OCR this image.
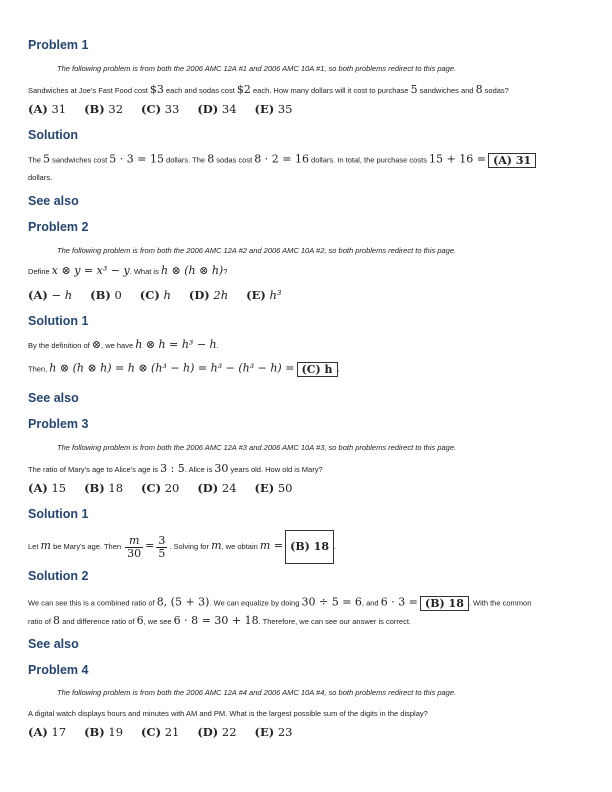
Problem 1

The following problem is from both the 2006 AMC 12A #1 and 2006 AMC 10A #1, so both problems redirect to this page.

Sandwiches at Joe's Fast Food cost $3 each and sodas cost $2 each. How many dollars will it cost to purchase 5 sandwiches and 8 sodas?

(A) 31 (B) 32 (C) 33 (D) 34 (E) 35

Solution

The 5 sandwiches cost 5 · 3 = 15 dollars. The 8 sodas cost 8 · 2 = 16 dollars. In total, the purchase costs 15 + 16 = (A) 31

dollars.

See also
Problem 2

The following problem is from both the 2006 AMC 12A #2 and 2006 AMC 10A #2, so both problems redirect to this page.

Define x ⊗ y = x³ − y. What is h ⊗ (h ⊗ h)?

(A) − h (B) 0 (C) h (D) 2h (E) h³

Solution 1

By the definition of ⊗, we have h ⊗ h = h³ − h.

Then, h ⊗ (h ⊗ h) = h ⊗ (h³ − h) = h³ − (h³ − h) = (C) h .

See also
Problem 3

The following problem is from both the 2006 AMC 12A #3 and 2006 AMC 10A #3, so both problems redirect to this page.

The ratio of Mary's age to Alice's age is 3 : 5. Alice is 30 years old. How old is Mary?

(A) 15 (B) 18 (C) 20 (D) 24 (E) 50

Solution 1

Let m be Mary's age. Then $\frac{m}{30} = \frac{3}{5}$ . Solving for m, we obtain m = (B) 18 .

Solution 2

We can see this is a combined ratio of 8, (5 + 3). We can equalize by doing 30 ÷ 5 = 6, and 6 · 3 = (B) 18 . With the common

ratio of 8 and difference ratio of 6, we see 6 · 8 = 30 + 18. Therefore, we can see our answer is correct.

See also
Problem 4

The following problem is from both the 2006 AMC 12A #4 and 2006 AMC 10A #4, so both problems redirect to this page.

A digital watch displays hours and minutes with AM and PM. What is the largest possible sum of the digits in the display?

(A) 17 (B) 19 (C) 21 (D) 22 (E) 23
